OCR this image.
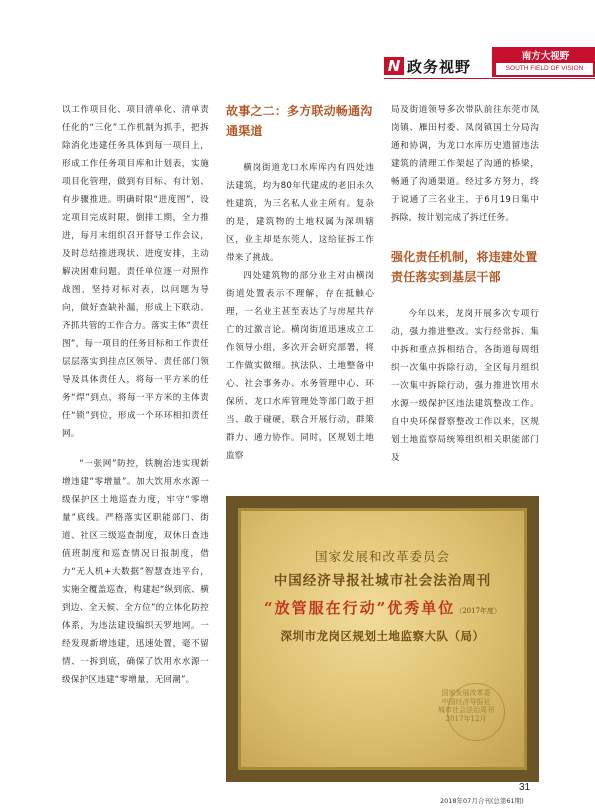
N 政务视野
南方大视野
SOUTH FIELD OF VISION

以工作项目化、项目清单化、清单责任化的“三化”工作机制为抓手，把拆除消化违建任务具体到每一项目上，形成工作任务项目库和计划表，实施项目化管理，做到有目标、有计划、有步骤推进。明确时限“进度图”，设定项目完成时限，倒排工期，全力推进，每月末组织召开督导工作会议，及时总结推进现状、进度安排，主动解决困难问题。责任单位逐一对照作战图，坚持对标对表，以问题为导向，做好查缺补漏，形成上下联动、齐抓共管的工作合力。落实主体“责任图”，每一项目的任务目标和工作责任层层落实到挂点区领导、责任部门领导及具体责任人，将每一平方米的任务“焊”到点，将每一平方米的主体责任“锁”到位，形成一个环环相扣责任网。

“一张网”防控，铁腕治违实现新增违建“零增量”。加大饮用水水源一级保护区土地巡查力度，牢守“零增量”底线。严格落实区职能部门、街道、社区三级巡查制度，双休日查违值班制度和巡查情况日报制度，借力“无人机+大数据”智慧查违平台，实施全覆盖巡查，构建起“纵到底、横到边、全天候、全方位”的立体化防控体系，为违法建设编织天罗地网。一经发现新增违建，迅速处置，毫不留情、一拆到底，确保了饮用水水源一级保护区违建“零增量，无回潮”。

故事之二：多方联动畅通沟通渠道

横岗街道龙口水库库内有四处违法建筑，均为80年代建成的老旧永久性建筑，为三名私人业主所有。复杂的是，建筑物的土地权属为深圳辖区，业主却是东莞人，这给征拆工作带来了挑战。

四处建筑物的部分业主对由横岗街道处置表示不理解，存在抵触心理，一名业主甚至表达了与房屋共存亡的过激言论。横岗街道迅速成立工作领导小组，多次开会研究部署，将工作做实做细。执法队、土地整备中心、社会事务办、水务管理中心、环保所、龙口水库管理处等部门敢于担当、敢于碰硬，联合开展行动，群策群力、通力协作。同时，区规划土地监察

局及街道领导多次带队前往东莞市凤岗镇、雁田村委、凤岗镇国土分局沟通和协调，为龙口水库历史遗留违法建筑的清理工作架起了沟通的桥梁，畅通了沟通渠道。经过多方努力，终于说通了三名业主，于6月19日集中拆除，按计划完成了拆迁任务。

强化责任机制，将违建处置责任落实到基层干部

今年以来，龙岗开展多次专项行动，强力推进整改。实行经常拆、集中拆和重点拆相结合，各街道每周组织一次集中拆除行动，全区每月组织一次集中拆除行动，强力推进饮用水水源一级保护区违法建筑整改工作。自中央环保督察整改工作以来，区规划土地监察局统筹组织相关职能部门及

国家发展和改革委员会
中国经济导报社城市社会法治周刊
“放管服在行动”优秀单位（2017年度）
深圳市龙岗区规划土地监察大队（局）
国家发展改革委
中国经济导报社
城市社会法治周刊
2017年12月
31
2018年07月合刊(总第61期)
